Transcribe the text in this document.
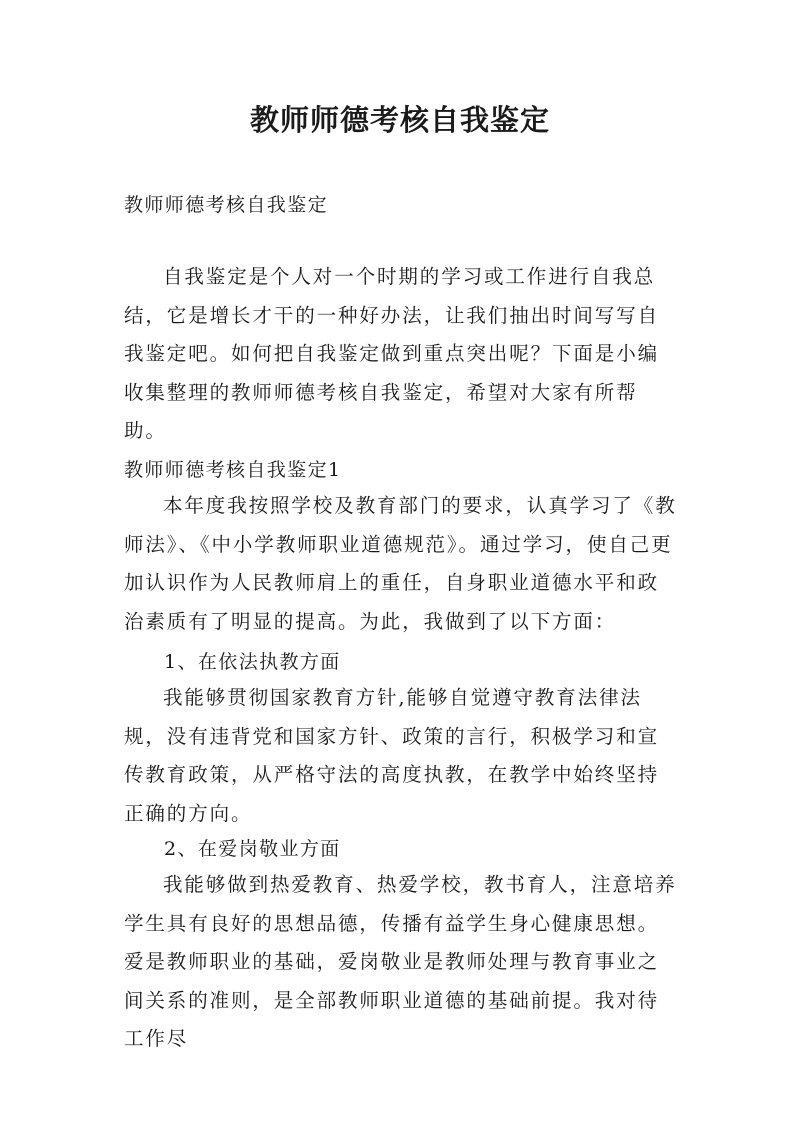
教师师德考核自我鉴定
教师师德考核自我鉴定

自我鉴定是个人对一个时期的学习或工作进行自我总结，它是增长才干的一种好办法，让我们抽出时间写写自我鉴定吧。如何把自我鉴定做到重点突出呢？下面是小编收集整理的教师师德考核自我鉴定，希望对大家有所帮助。

教师师德考核自我鉴定1

本年度我按照学校及教育部门的要求，认真学习了《教师法》、《中小学教师职业道德规范》。通过学习，使自己更加认识作为人民教师肩上的重任，自身职业道德水平和政治素质有了明显的提高。为此，我做到了以下方面：

1、在依法执教方面

我能够贯彻国家教育方针,能够自觉遵守教育法律法规，没有违背党和国家方针、政策的言行，积极学习和宣传教育政策，从严格守法的高度执教，在教学中始终坚持正确的方向。

2、在爱岗敬业方面

我能够做到热爱教育、热爱学校，教书育人，注意培养学生具有良好的思想品德，传播有益学生身心健康思想。爱是教师职业的基础，爱岗敬业是教师处理与教育事业之间关系的准则，是全部教师职业道德的基础前提。我对待工作尽
